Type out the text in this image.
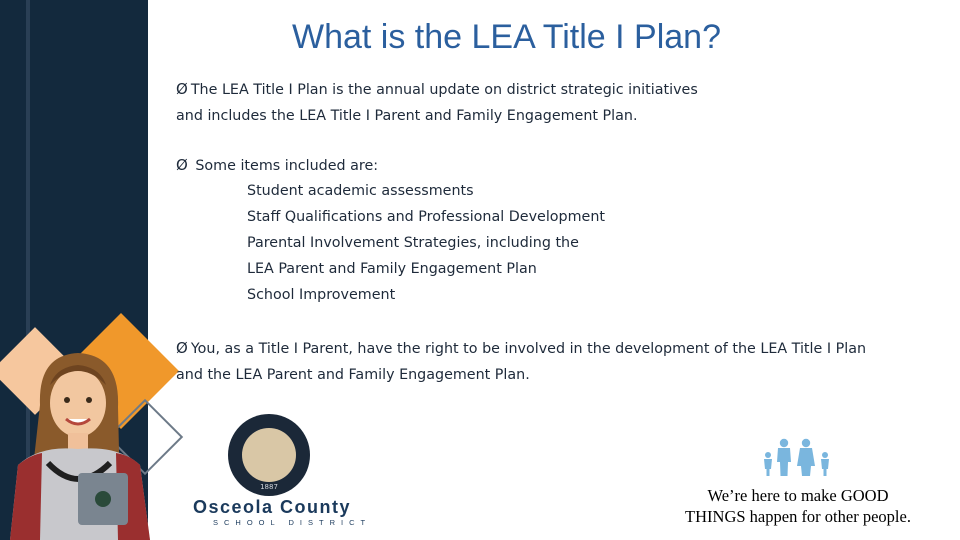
What is the LEA Title I Plan?
Ø The LEA Title I Plan is the annual update on district strategic initiatives
and includes the LEA Title I Parent and Family Engagement Plan.
Ø Some items included are:
Student academic assessments
Staff Qualifications and Professional Development
Parental Involvement Strategies, including the
LEA Parent and Family Engagement Plan
School Improvement
Ø You, as a Title I Parent, have the right to be involved in the development of the LEA Title I Plan
and the LEA Parent and Family Engagement Plan.
1887
Osceola County
SCHOOL DISTRICT
We’re here to make GOOD
THINGS happen for other people.
